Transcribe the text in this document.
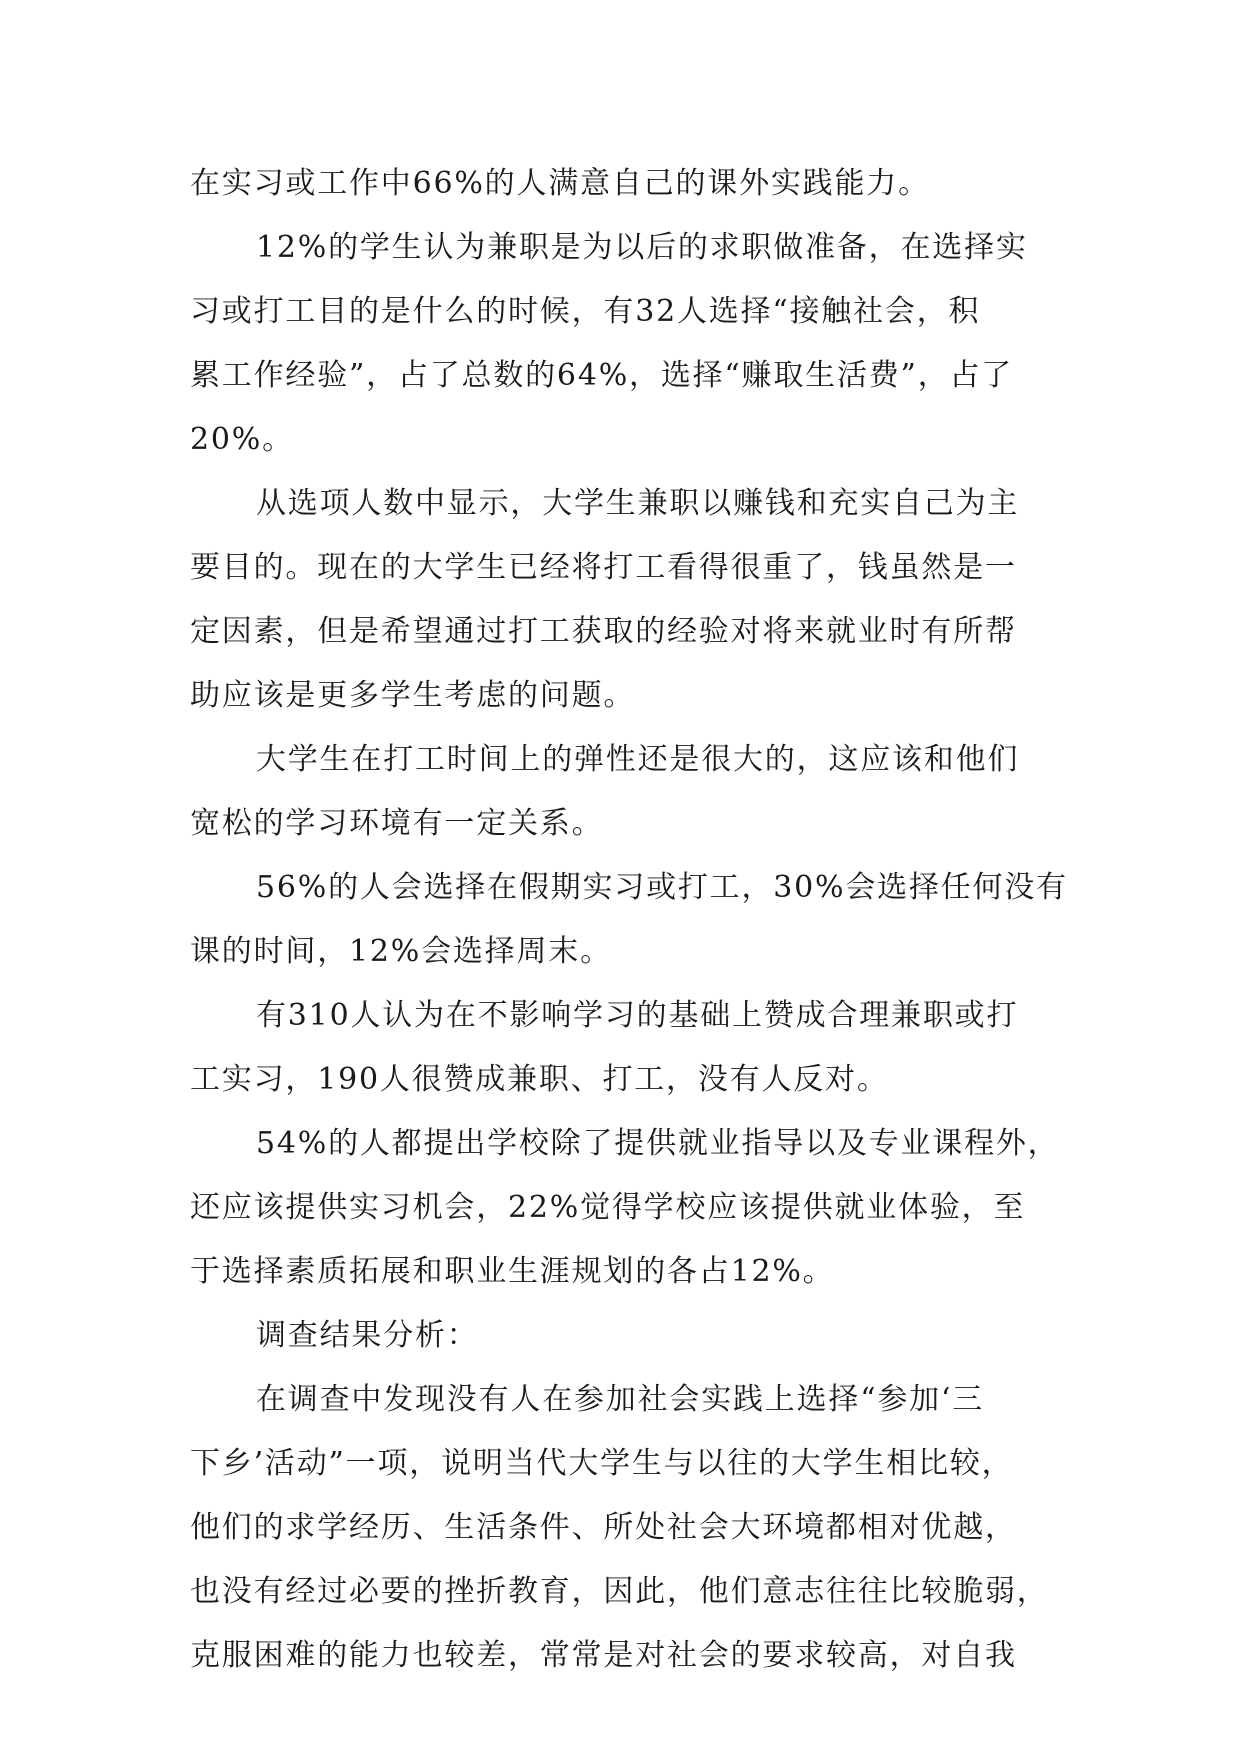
在实习或工作中66%的人满意自己的课外实践能力。
12%的学生认为兼职是为以后的求职做准备，在选择实
习或打工目的是什么的时候，有32人选择“接触社会，积
累工作经验”，占了总数的64%，选择“赚取生活费”，占了
20%。
从选项人数中显示，大学生兼职以赚钱和充实自己为主
要目的。现在的大学生已经将打工看得很重了，钱虽然是一
定因素，但是希望通过打工获取的经验对将来就业时有所帮
助应该是更多学生考虑的问题。
大学生在打工时间上的弹性还是很大的，这应该和他们
宽松的学习环境有一定关系。
56%的人会选择在假期实习或打工，30%会选择任何没有
课的时间，12%会选择周末。
有310人认为在不影响学习的基础上赞成合理兼职或打
工实习，190人很赞成兼职、打工，没有人反对。
54%的人都提出学校除了提供就业指导以及专业课程外，
还应该提供实习机会，22%觉得学校应该提供就业体验，至
于选择素质拓展和职业生涯规划的各占12%。
调查结果分析：
在调查中发现没有人在参加社会实践上选择“参加‘三
下乡’活动”一项，说明当代大学生与以往的大学生相比较，
他们的求学经历、生活条件、所处社会大环境都相对优越，
也没有经过必要的挫折教育，因此，他们意志往往比较脆弱，
克服困难的能力也较差，常常是对社会的要求较高，对自我
